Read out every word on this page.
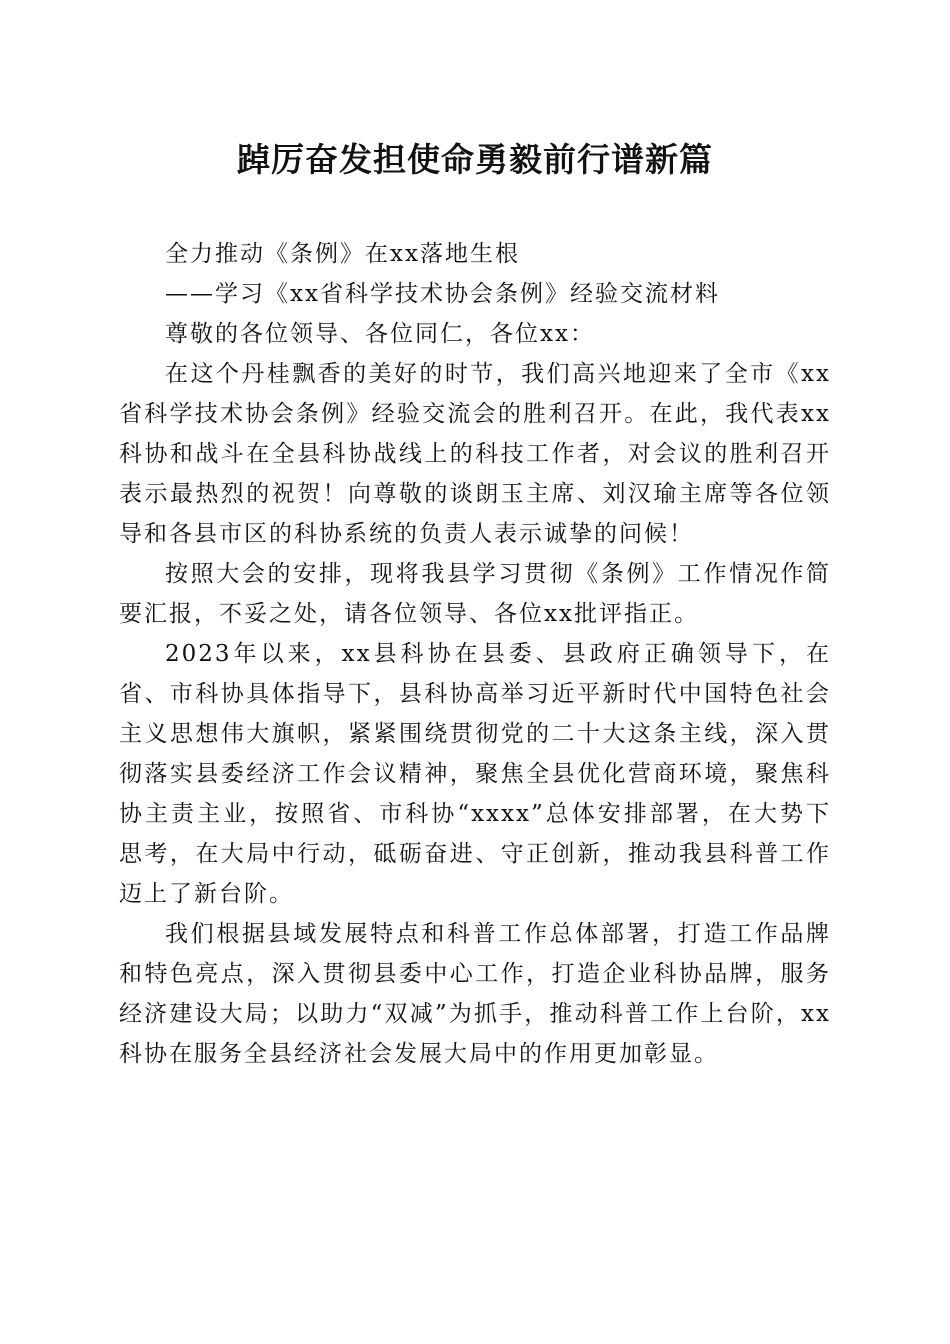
踔厉奋发担使命勇毅前行谱新篇

全力推动《条例》在xx落地生根

——学习《xx省科学技术协会条例》经验交流材料

尊敬的各位领导、各位同仁，各位xx：

在这个丹桂飘香的美好的时节，我们高兴地迎来了全市《xx省科学技术协会条例》经验交流会的胜利召开。在此，我代表xx科协和战斗在全县科协战线上的科技工作者，对会议的胜利召开表示最热烈的祝贺！向尊敬的谈朗玉主席、刘汉瑜主席等各位领导和各县市区的科协系统的负责人表示诚挚的问候！

按照大会的安排，现将我县学习贯彻《条例》工作情况作简要汇报，不妥之处，请各位领导、各位xx批评指正。

2023年以来，xx县科协在县委、县政府正确领导下，在省、市科协具体指导下，县科协高举习近平新时代中国特色社会主义思想伟大旗帜，紧紧围绕贯彻党的二十大这条主线，深入贯彻落实县委经济工作会议精神，聚焦全县优化营商环境，聚焦科协主责主业，按照省、市科协“xxxx”总体安排部署，在大势下思考，在大局中行动，砥砺奋进、守正创新，推动我县科普工作迈上了新台阶。

我们根据县域发展特点和科普工作总体部署，打造工作品牌和特色亮点，深入贯彻县委中心工作，打造企业科协品牌，服务经济建设大局；以助力“双减”为抓手，推动科普工作上台阶，xx科协在服务全县经济社会发展大局中的作用更加彰显。
